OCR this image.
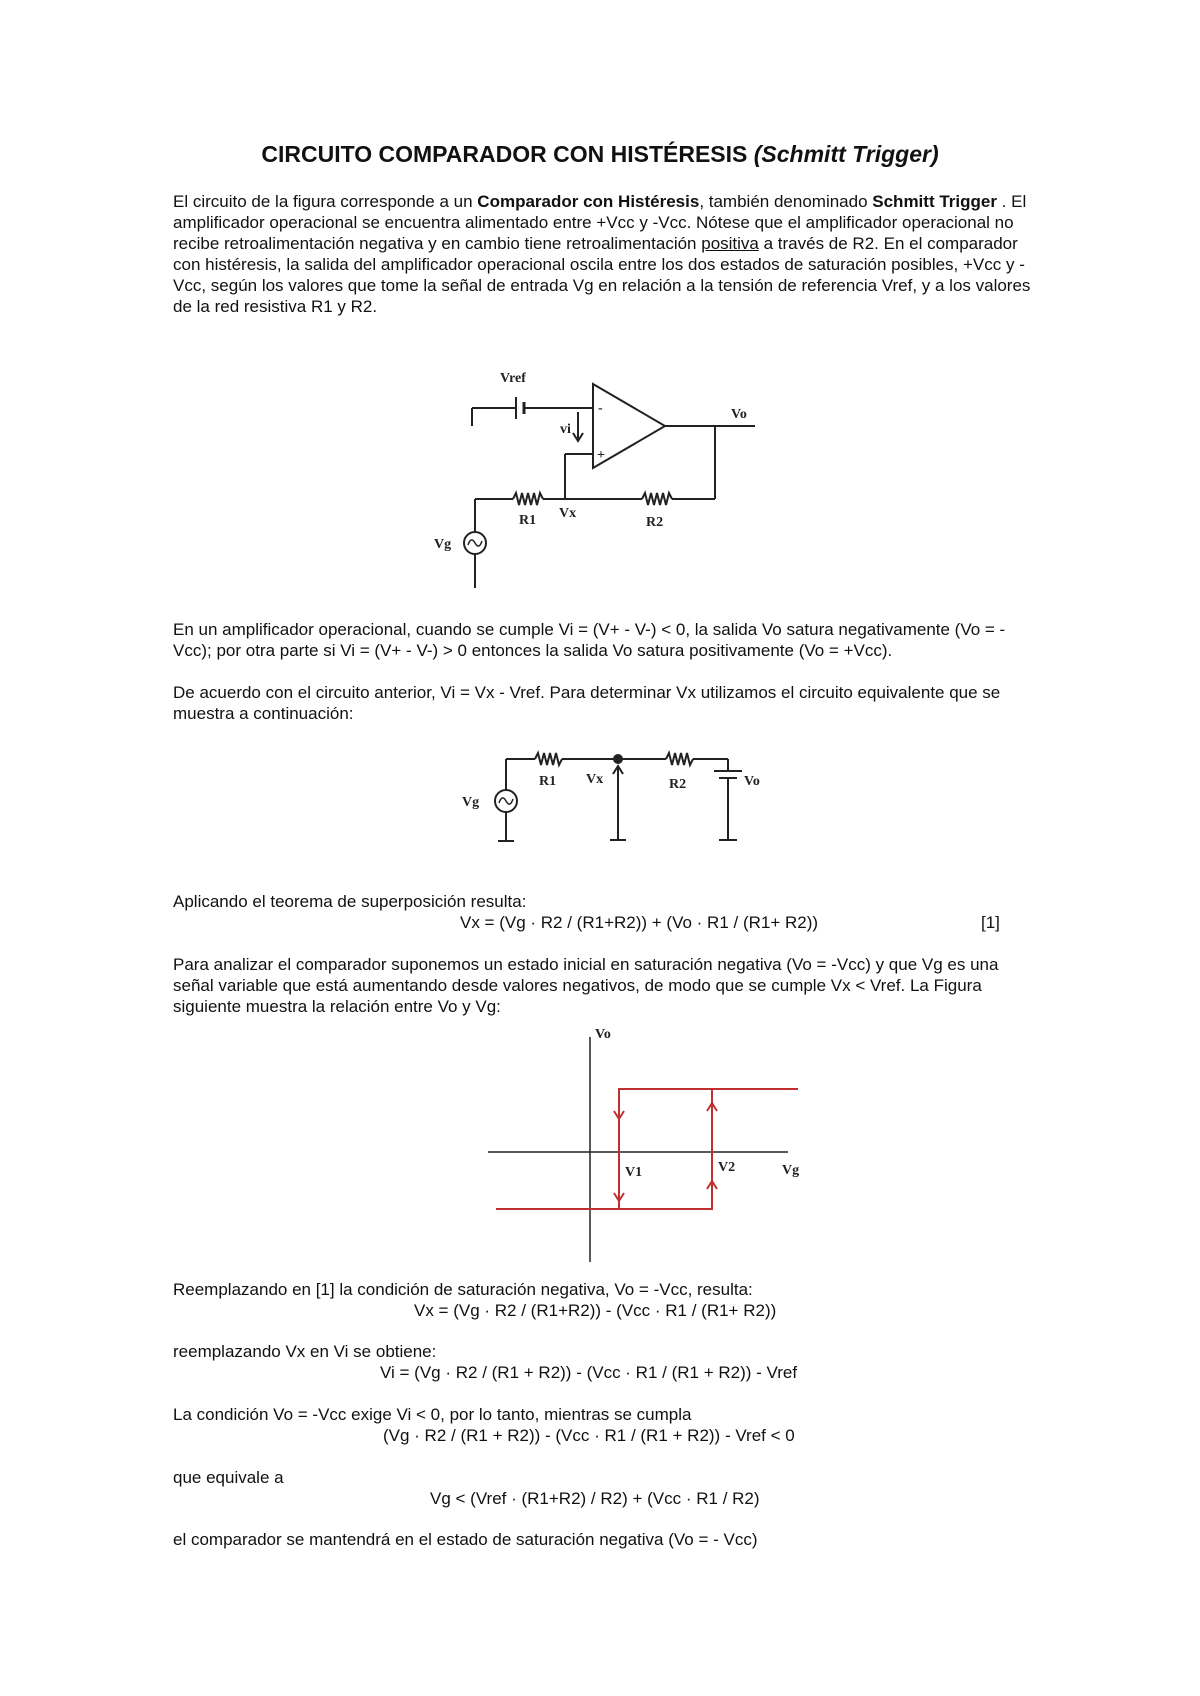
CIRCUITO COMPARADOR CON HISTÉRESIS (Schmitt Trigger)

El circuito de la figura corresponde a un Comparador con Histéresis, también denominado Schmitt Trigger . El amplificador operacional se encuentra alimentado entre +Vcc y -Vcc. Nótese que el amplificador operacional no recibe retroalimentación negativa y en cambio tiene retroalimentación positiva a través de R2. En el comparador con histéresis, la salida del amplificador operacional oscila entre los dos estados de saturación posibles, +Vcc y -Vcc, según los valores que tome la señal de entrada Vg en relación a la tensión de referencia Vref, y a los valores de la red resistiva R1 y R2.

Vref
vi
-
+
Vo
R1 Vx
R2
Vg

En un amplificador operacional, cuando se cumple Vi = (V+ - V-) < 0, la salida Vo satura negativamente (Vo = -Vcc); por otra parte si Vi = (V+ - V-) > 0 entonces la salida Vo satura positivamente (Vo = +Vcc).

De acuerdo con el circuito anterior, Vi = Vx - Vref. Para determinar Vx utilizamos el circuito equivalente que se muestra a continuación:

R1 Vx	R2	Vo
Vg

Aplicando el teorema de superposición resulta:

Vx = (Vg · R2 / (R1+R2)) + (Vo · R1 / (R1+ R2))	[1]

Para analizar el comparador suponemos un estado inicial en saturación negativa (Vo = -Vcc) y que Vg es una señal variable que está aumentando desde valores negativos, de modo que se cumple Vx < Vref. La Figura siguiente muestra la relación entre Vo y Vg:

Vo
V1	V2	Vg

Reemplazando en [1] la condición de saturación negativa, Vo = -Vcc, resulta:

Vx = (Vg · R2 / (R1+R2)) - (Vcc · R1 / (R1+ R2))

reemplazando Vx en Vi se obtiene:

Vi = (Vg · R2 / (R1 + R2)) - (Vcc · R1 / (R1 + R2)) - Vref

La condición Vo = -Vcc exige Vi < 0, por lo tanto, mientras se cumpla

(Vg · R2 / (R1 + R2)) - (Vcc · R1 / (R1 + R2)) - Vref < 0

que equivale a

Vg < (Vref · (R1+R2) / R2) + (Vcc · R1 / R2)

el comparador se mantendrá en el estado de saturación negativa (Vo = - Vcc)
